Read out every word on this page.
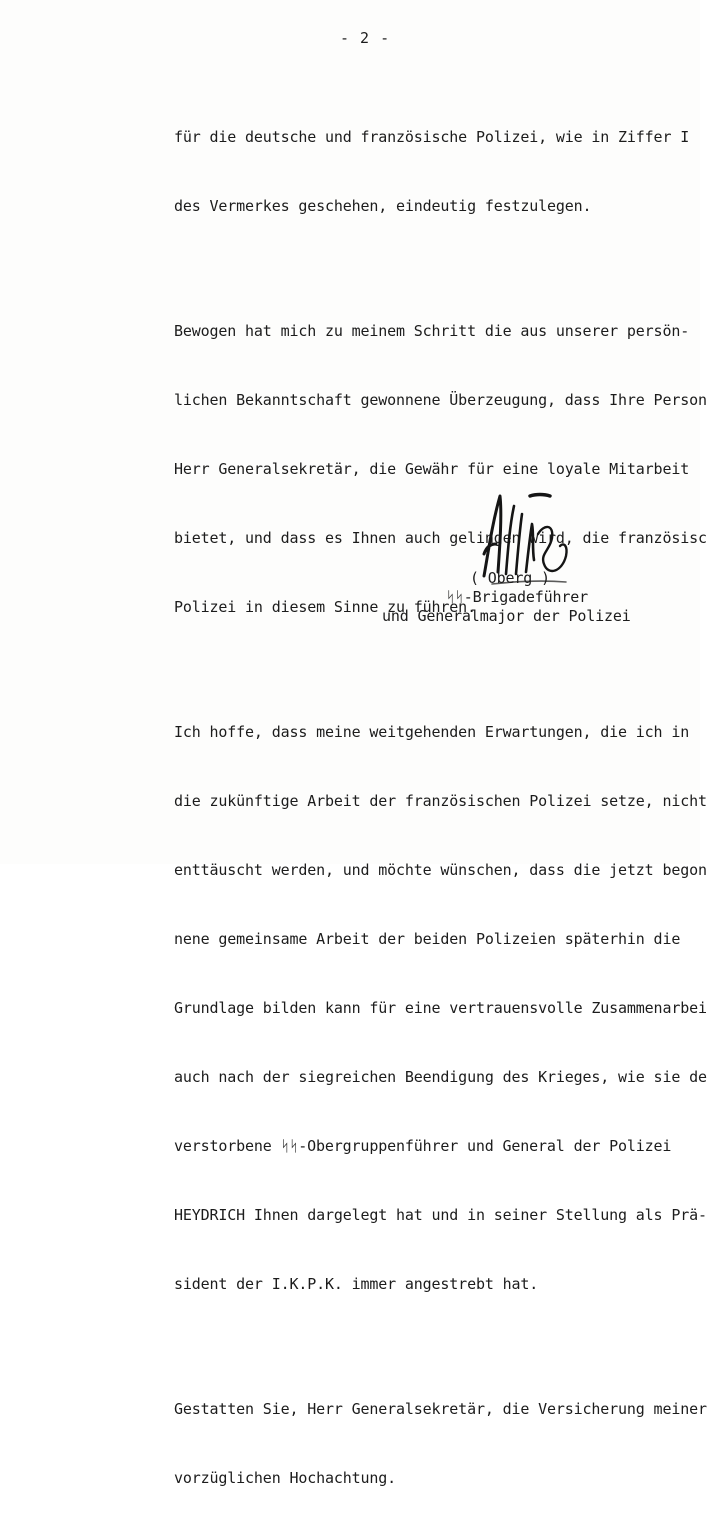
- 2 -

für die deutsche und französische Polizei, wie in Ziffer I

des Vermerkes geschehen, eindeutig festzulegen.

Bewogen hat mich zu meinem Schritt die aus unserer persön-

lichen Bekanntschaft gewonnene Überzeugung, dass Ihre Person

Herr Generalsekretär, die Gewähr für eine loyale Mitarbeit

bietet, und dass es Ihnen auch gelingen wird, die französisc

Polizei in diesem Sinne zu führen.

Ich hoffe, dass meine weitgehenden Erwartungen, die ich in

die zukünftige Arbeit der französischen Polizei setze, nicht

enttäuscht werden, und möchte wünschen, dass die jetzt begon

nene gemeinsame Arbeit der beiden Polizeien späterhin die

Grundlage bilden kann für eine vertrauensvolle Zusammenarbei

auch nach der siegreichen Beendigung des Krieges, wie sie de

verstorbene ᛋᛋ-Obergruppenführer und General der Polizei

HEYDRICH Ihnen dargelegt hat und in seiner Stellung als Prä-

sident der I.K.P.K. immer angestrebt hat.

Gestatten Sie, Herr Generalsekretär, die Versicherung meiner

vorzüglichen Hochachtung.

( Oberg )

ᛋᛋ-Brigadeführer

und Generalmajor der Polizei
